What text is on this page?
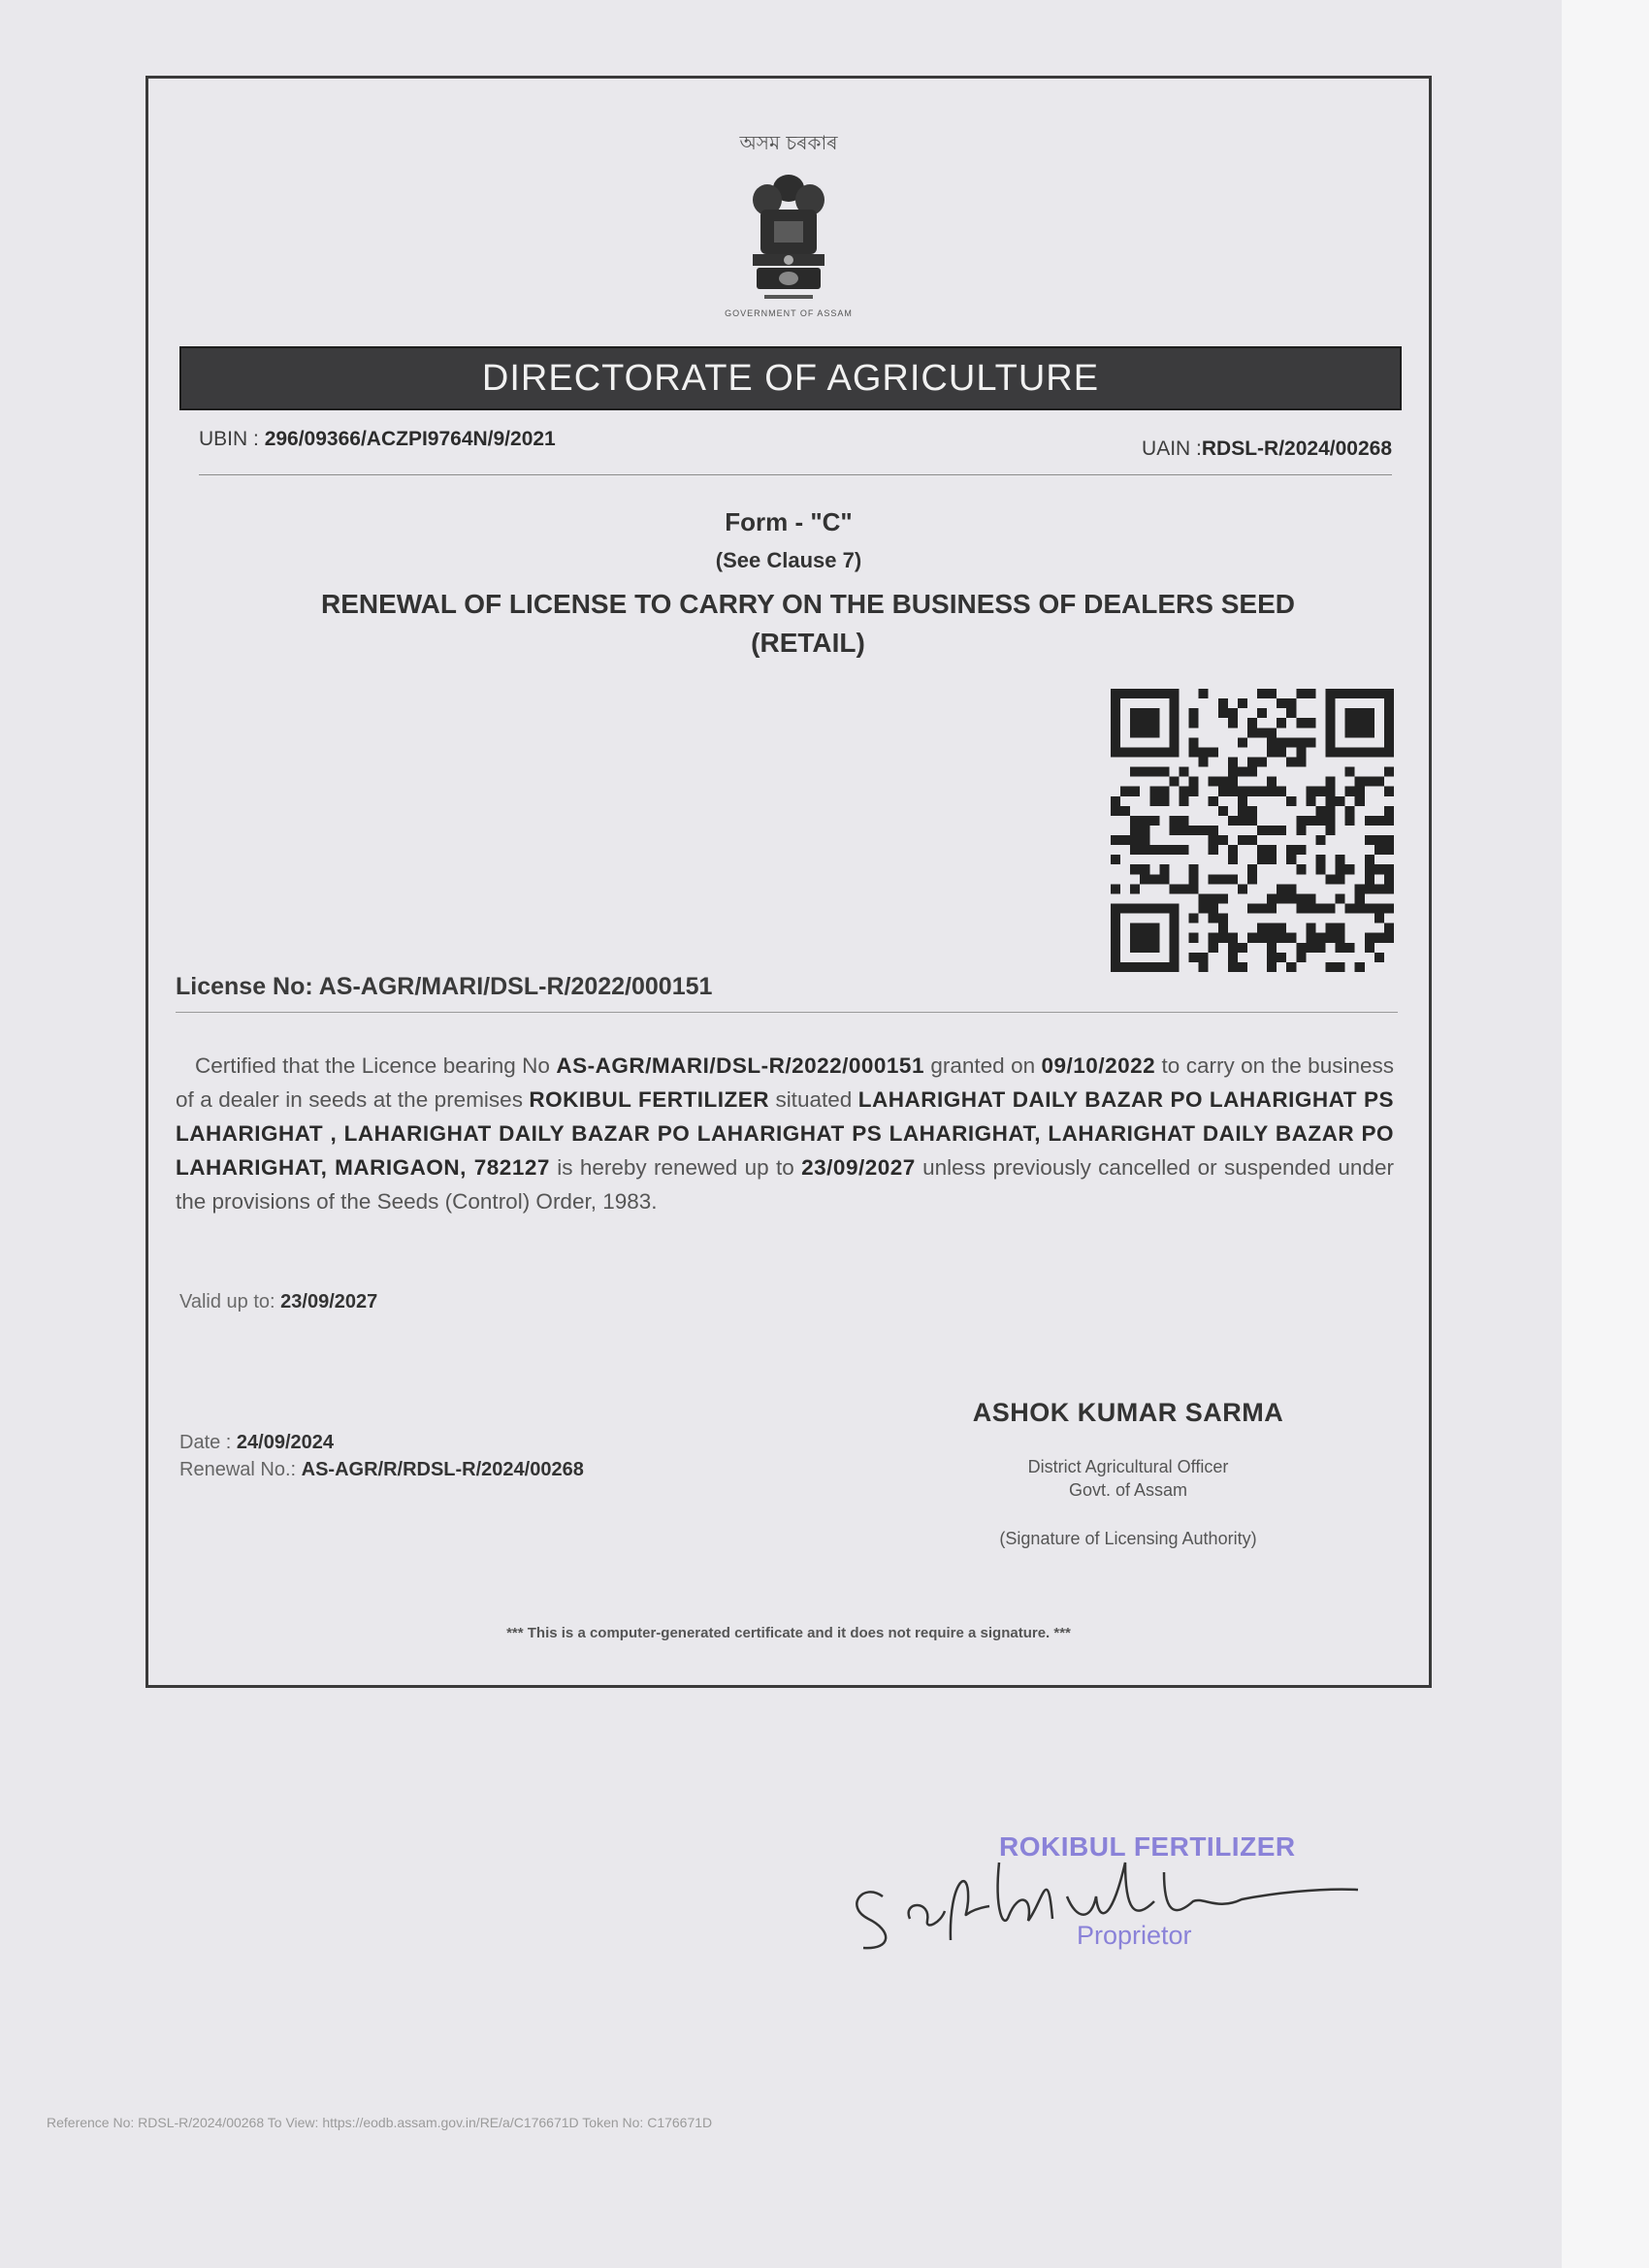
অসম চৰকাৰ
GOVERNMENT OF ASSAM
DIRECTORATE OF AGRICULTURE
UBIN : 296/09366/ACZPI9764N/9/2021	UAIN :RDSL-R/2024/00268
Form - "C"
(See Clause 7)
RENEWAL OF LICENSE TO CARRY ON THE BUSINESS OF DEALERS SEED
(RETAIL)
License No: AS-AGR/MARI/DSL-R/2022/000151
Certified that the Licence bearing No AS-AGR/MARI/DSL-R/2022/000151 granted on 09/10/2022 to carry on the business of a dealer in seeds at the premises ROKIBUL FERTILIZER situated LAHARIGHAT DAILY BAZAR PO LAHARIGHAT PS LAHARIGHAT , LAHARIGHAT DAILY BAZAR PO LAHARIGHAT PS LAHARIGHAT, LAHARIGHAT DAILY BAZAR PO LAHARIGHAT, MARIGAON, 782127 is hereby renewed up to 23/09/2027 unless previously cancelled or suspended under the provisions of the Seeds (Control) Order, 1983.
Valid up to: 23/09/2027
Date : 24/09/2024
Renewal No.: AS-AGR/R/RDSL-R/2024/00268
ASHOK KUMAR SARMA
District Agricultural Officer
Govt. of Assam
(Signature of Licensing Authority)
*** This is a computer-generated certificate and it does not require a signature. ***
ROKIBUL FERTILIZER
Proprietor
Reference No: RDSL-R/2024/00268 To View: https://eodb.assam.gov.in/RE/a/C176671D Token No: C176671D
